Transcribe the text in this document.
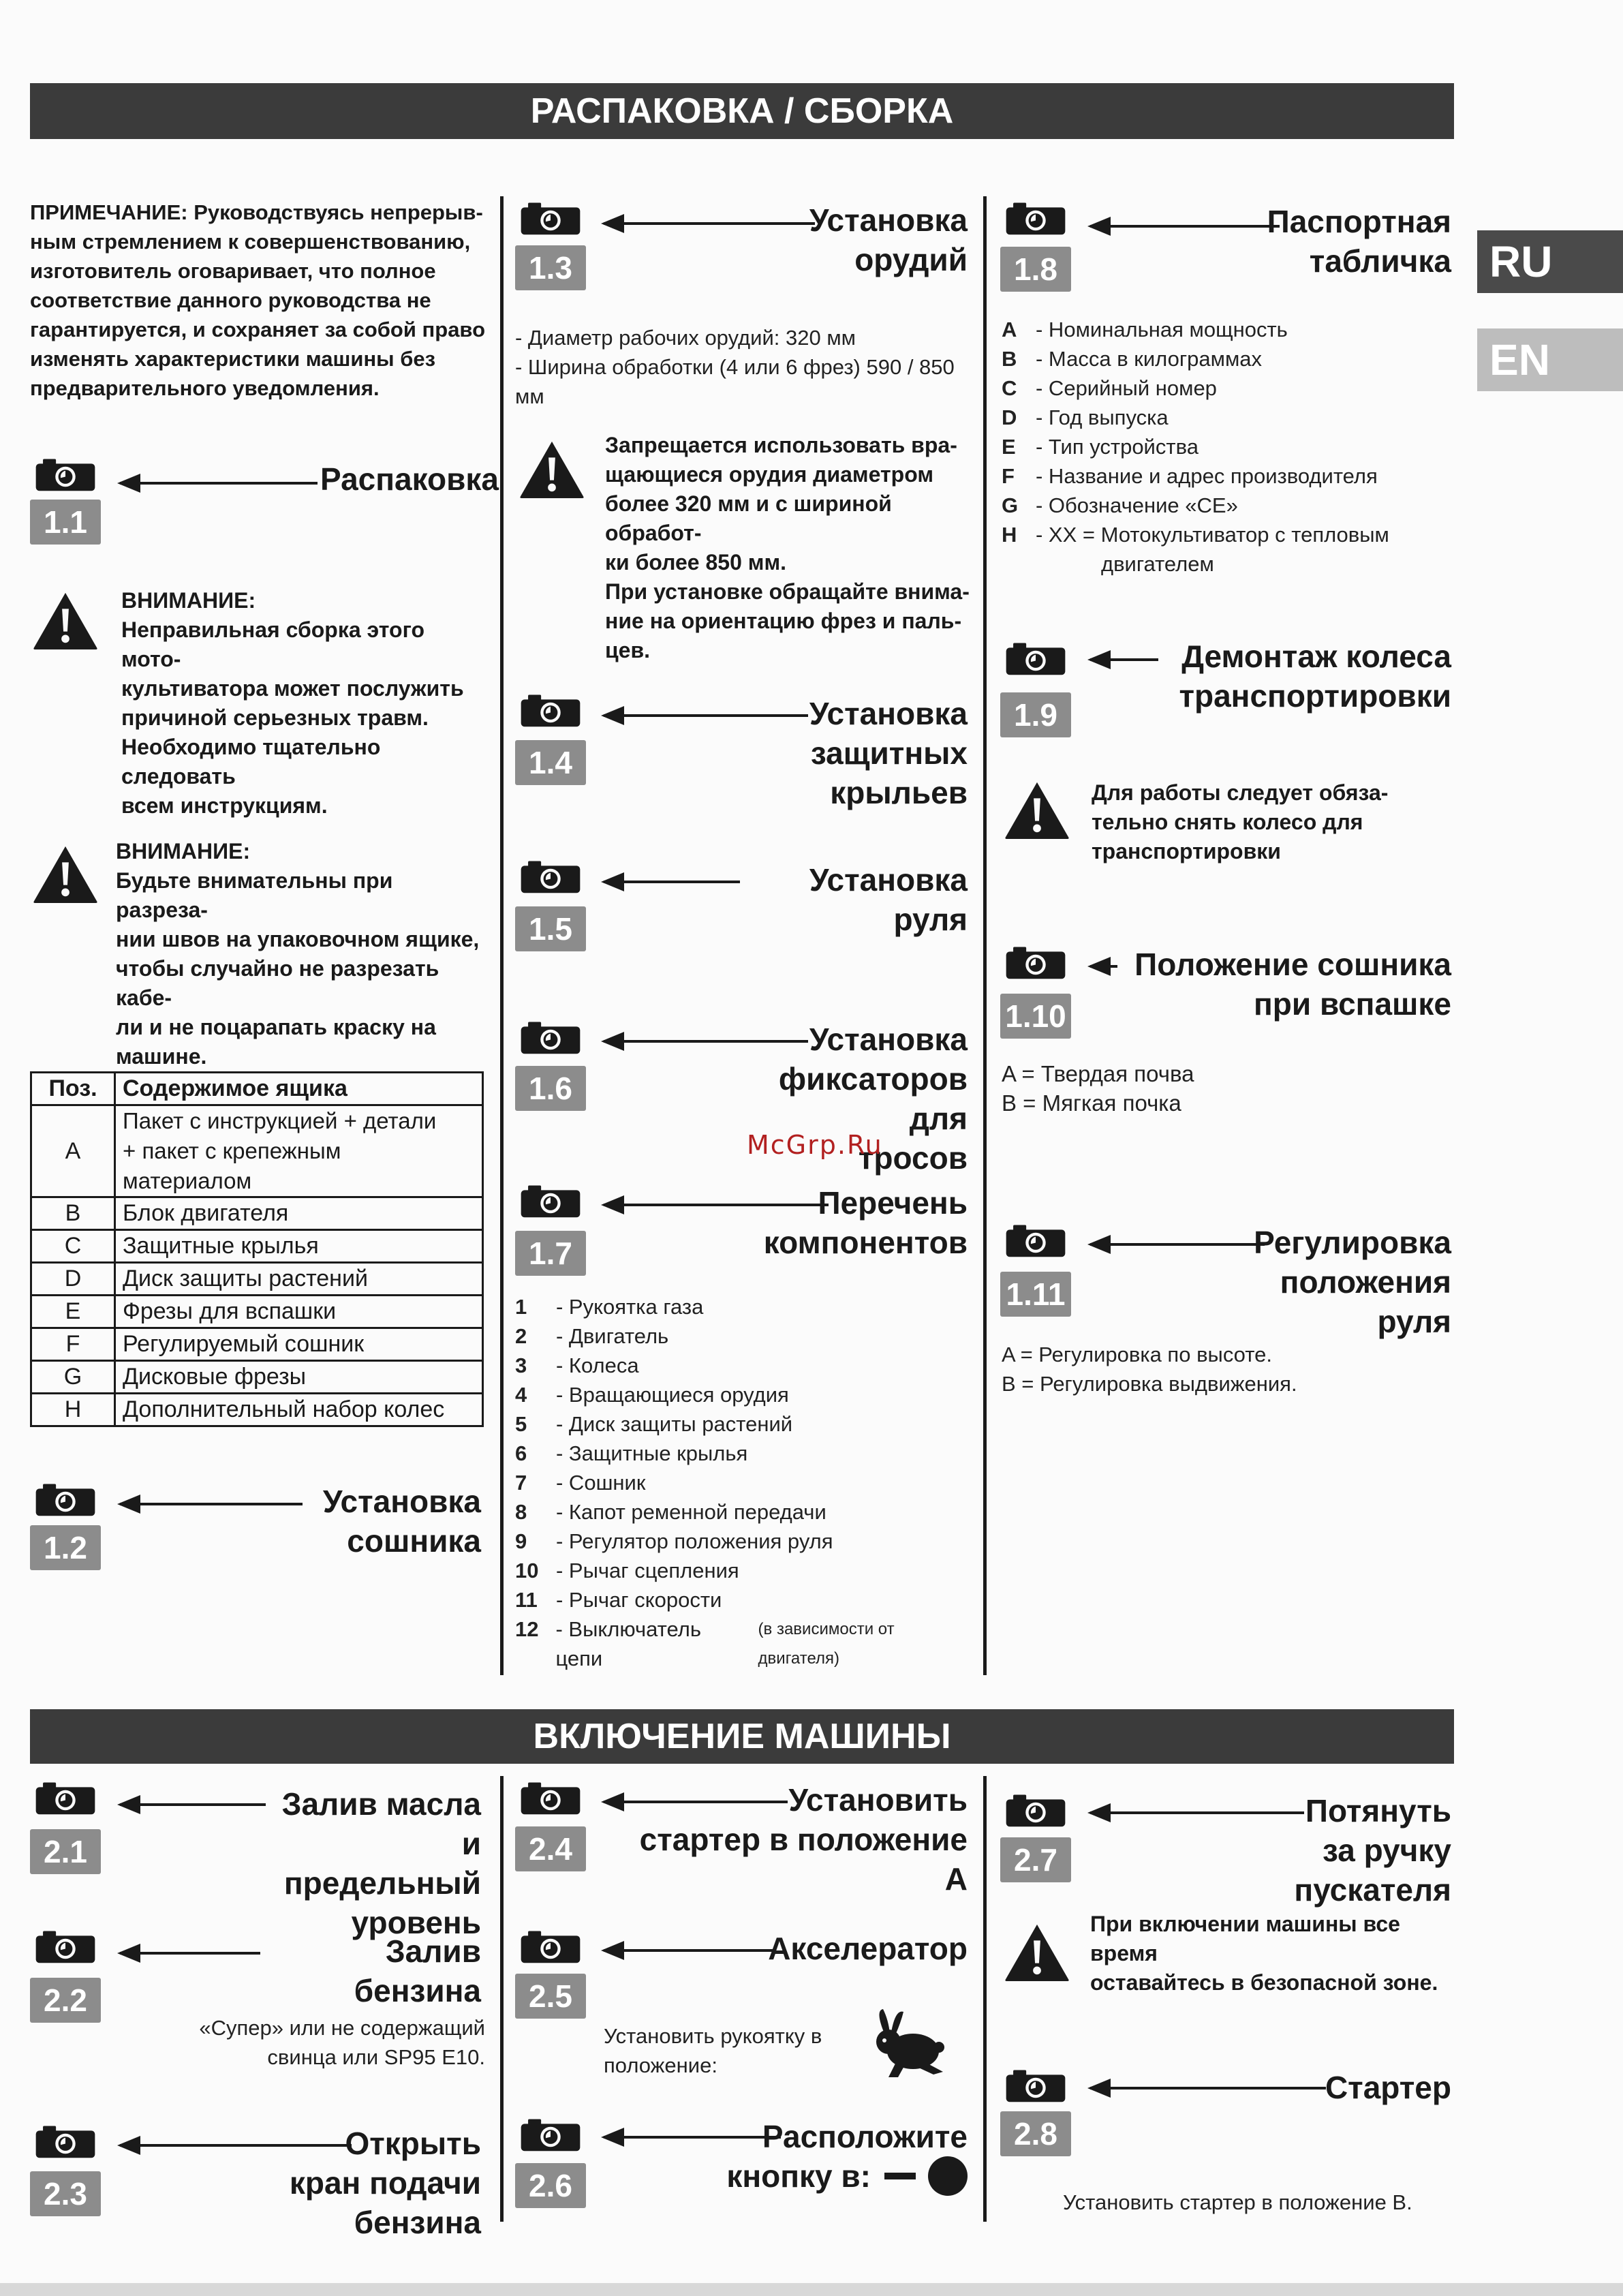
РАСПАКОВКА / СБОРКА
RU
EN
ПРИМЕЧАНИЕ: Руководствуясь непрерыв-
ным стремлением к совершенствованию,
изготовитель оговаривает, что полное
соответствие данного руководства не
гарантируется, и сохраняет за собой право
изменять характеристики машины без
предварительного уведомления.
1.1
Распаковка
ВНИМАНИЕ:
Неправильная сборка этого мото-
культиватора может послужить
причиной серьезных травм.
Необходимо тщательно следовать
всем инструкциям.
ВНИМАНИЕ:
Будьте внимательны при разреза-
нии швов на упаковочном ящике,
чтобы случайно не разрезать кабе-
ли и не поцарапать краску на
машине.
Поз.	Содержимое ящика
A	Пакет с инструкцией + детали
+ пакет с крепежным материалом

B	Блок двигателя
C	Защитные крылья
D	Диск защиты растений
E	Фрезы для вспашки
F	Регулируемый сошник
G	Дисковые фрезы
H	Дополнительный набор колес
1.2
Установка
сошника
1.3
Установка
орудий
- Диаметр рабочих орудий: 320 мм
- Ширина обработки (4 или 6 фрез) 590 / 850 мм
Запрещается использовать вра-
щающиеся орудия диаметром
более 320 мм и с шириной обработ-
ки более 850 мм.
При установке обращайте внима-
ние на ориентацию фрез и паль-
цев.
1.4
Установка
защитных крыльев
1.5
Установка руля
1.6
Установка
фиксаторов для
тросов
McGrp.Ru
1.7
Перечень
компонентов
1	- Рукоятка газа
2	- Двигатель
3	- Колеса
4	- Вращающиеся орудия
5	- Диск защиты растений
6	- Защитные крылья
7	- Сошник
8	- Капот ременной передачи
9	- Регулятор положения руля
10 - Рычаг сцепления
11 - Рычаг скорости
12 - Выключатель цепи

(в зависимости от двигателя)
1.8
Паспортная
табличка
A - Номинальная мощность
B - Масса в килограммах
C - Серийный номер
D - Год выпуска
E - Тип устройства
F	- Название и адрес производителя
G - Обозначение «CE»
H - XX = Мотокультиватор с тепловым
двигателем
1.9
Демонтаж колеса
транспортировки
Для работы следует обяза-
тельно снять колесо для
транспортировки
1.10
Положение сошника
при вспашке
A = Твердая почва
B = Мягкая почка
1.11
Регулировка
положения руля
A = Регулировка по высоте.
B = Регулировка выдвижения.
ВКЛЮЧЕНИЕ МАШИНЫ
2.1
Залив масла и
предельный
уровень
2.2
Залив бензина
«Супер» или не содержащий
свинца или SP95 E10.
2.3
Открыть
кран подачи бензина
2.4
Установить
стартер в положение A
2.5
Акселератор
Установить рукоятку в
положение:
2.6
Расположите
кнопку в:
2.7
Потянуть
за ручку пускателя
При включении машины все время
оставайтесь в безопасной зоне.
2.8
Стартер
Установить стартер в положение B.
